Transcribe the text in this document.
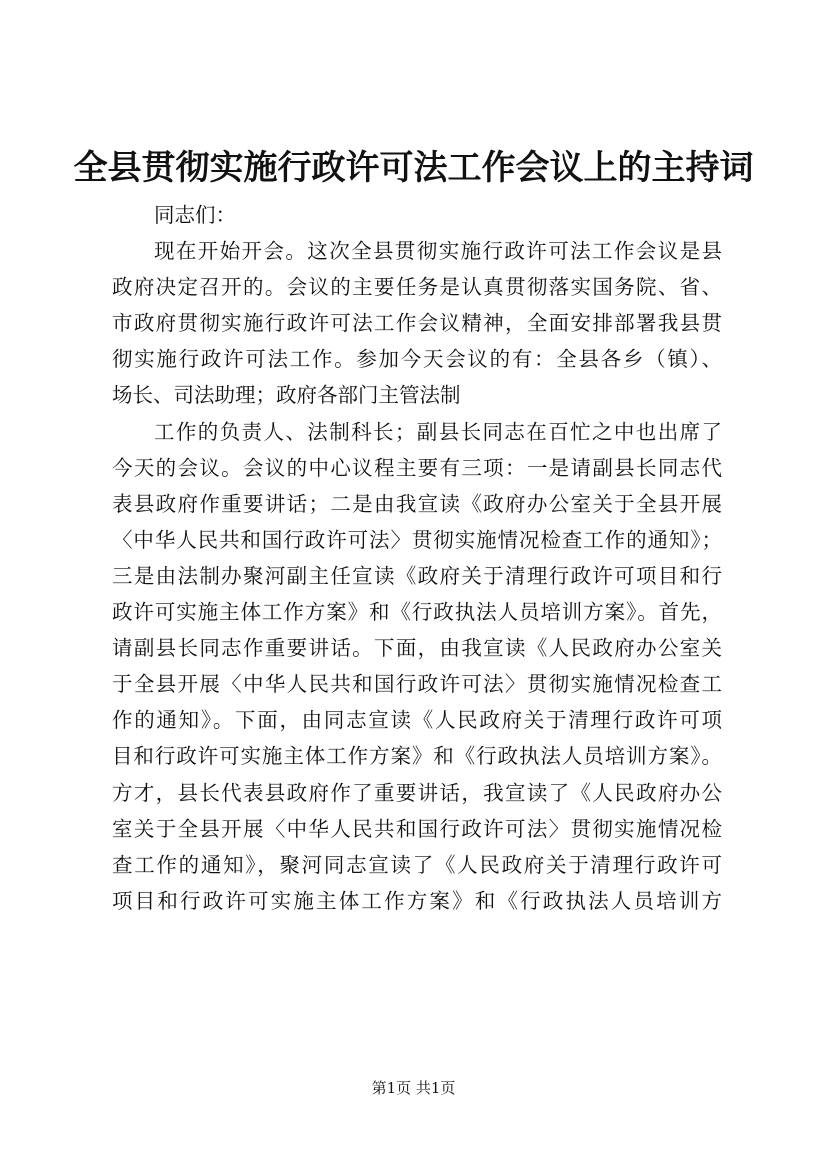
全县贯彻实施行政许可法工作会议上的主持词
同志们：
现在开始开会。这次全县贯彻实施行政许可法工作会议是县
政府决定召开的。会议的主要任务是认真贯彻落实国务院、省、
市政府贯彻实施行政许可法工作会议精神，全面安排部署我县贯
彻实施行政许可法工作。参加今天会议的有：全县各乡（镇）、
场长、司法助理；政府各部门主管法制
工作的负责人、法制科长；副县长同志在百忙之中也出席了
今天的会议。会议的中心议程主要有三项：一是请副县长同志代
表县政府作重要讲话；二是由我宣读《政府办公室关于全县开展
〈中华人民共和国行政许可法〉贯彻实施情况检查工作的通知》；
三是由法制办聚河副主任宣读《政府关于清理行政许可项目和行
政许可实施主体工作方案》和《行政执法人员培训方案》。首先，
请副县长同志作重要讲话。下面，由我宣读《人民政府办公室关
于全县开展〈中华人民共和国行政许可法〉贯彻实施情况检查工
作的通知》。下面，由同志宣读《人民政府关于清理行政许可项
目和行政许可实施主体工作方案》和《行政执法人员培训方案》。
方才，县长代表县政府作了重要讲话，我宣读了《人民政府办公
室关于全县开展〈中华人民共和国行政许可法〉贯彻实施情况检
查工作的通知》，聚河同志宣读了《人民政府关于清理行政许可
项目和行政许可实施主体工作方案》和《行政执法人员培训方
第1页 共1页
